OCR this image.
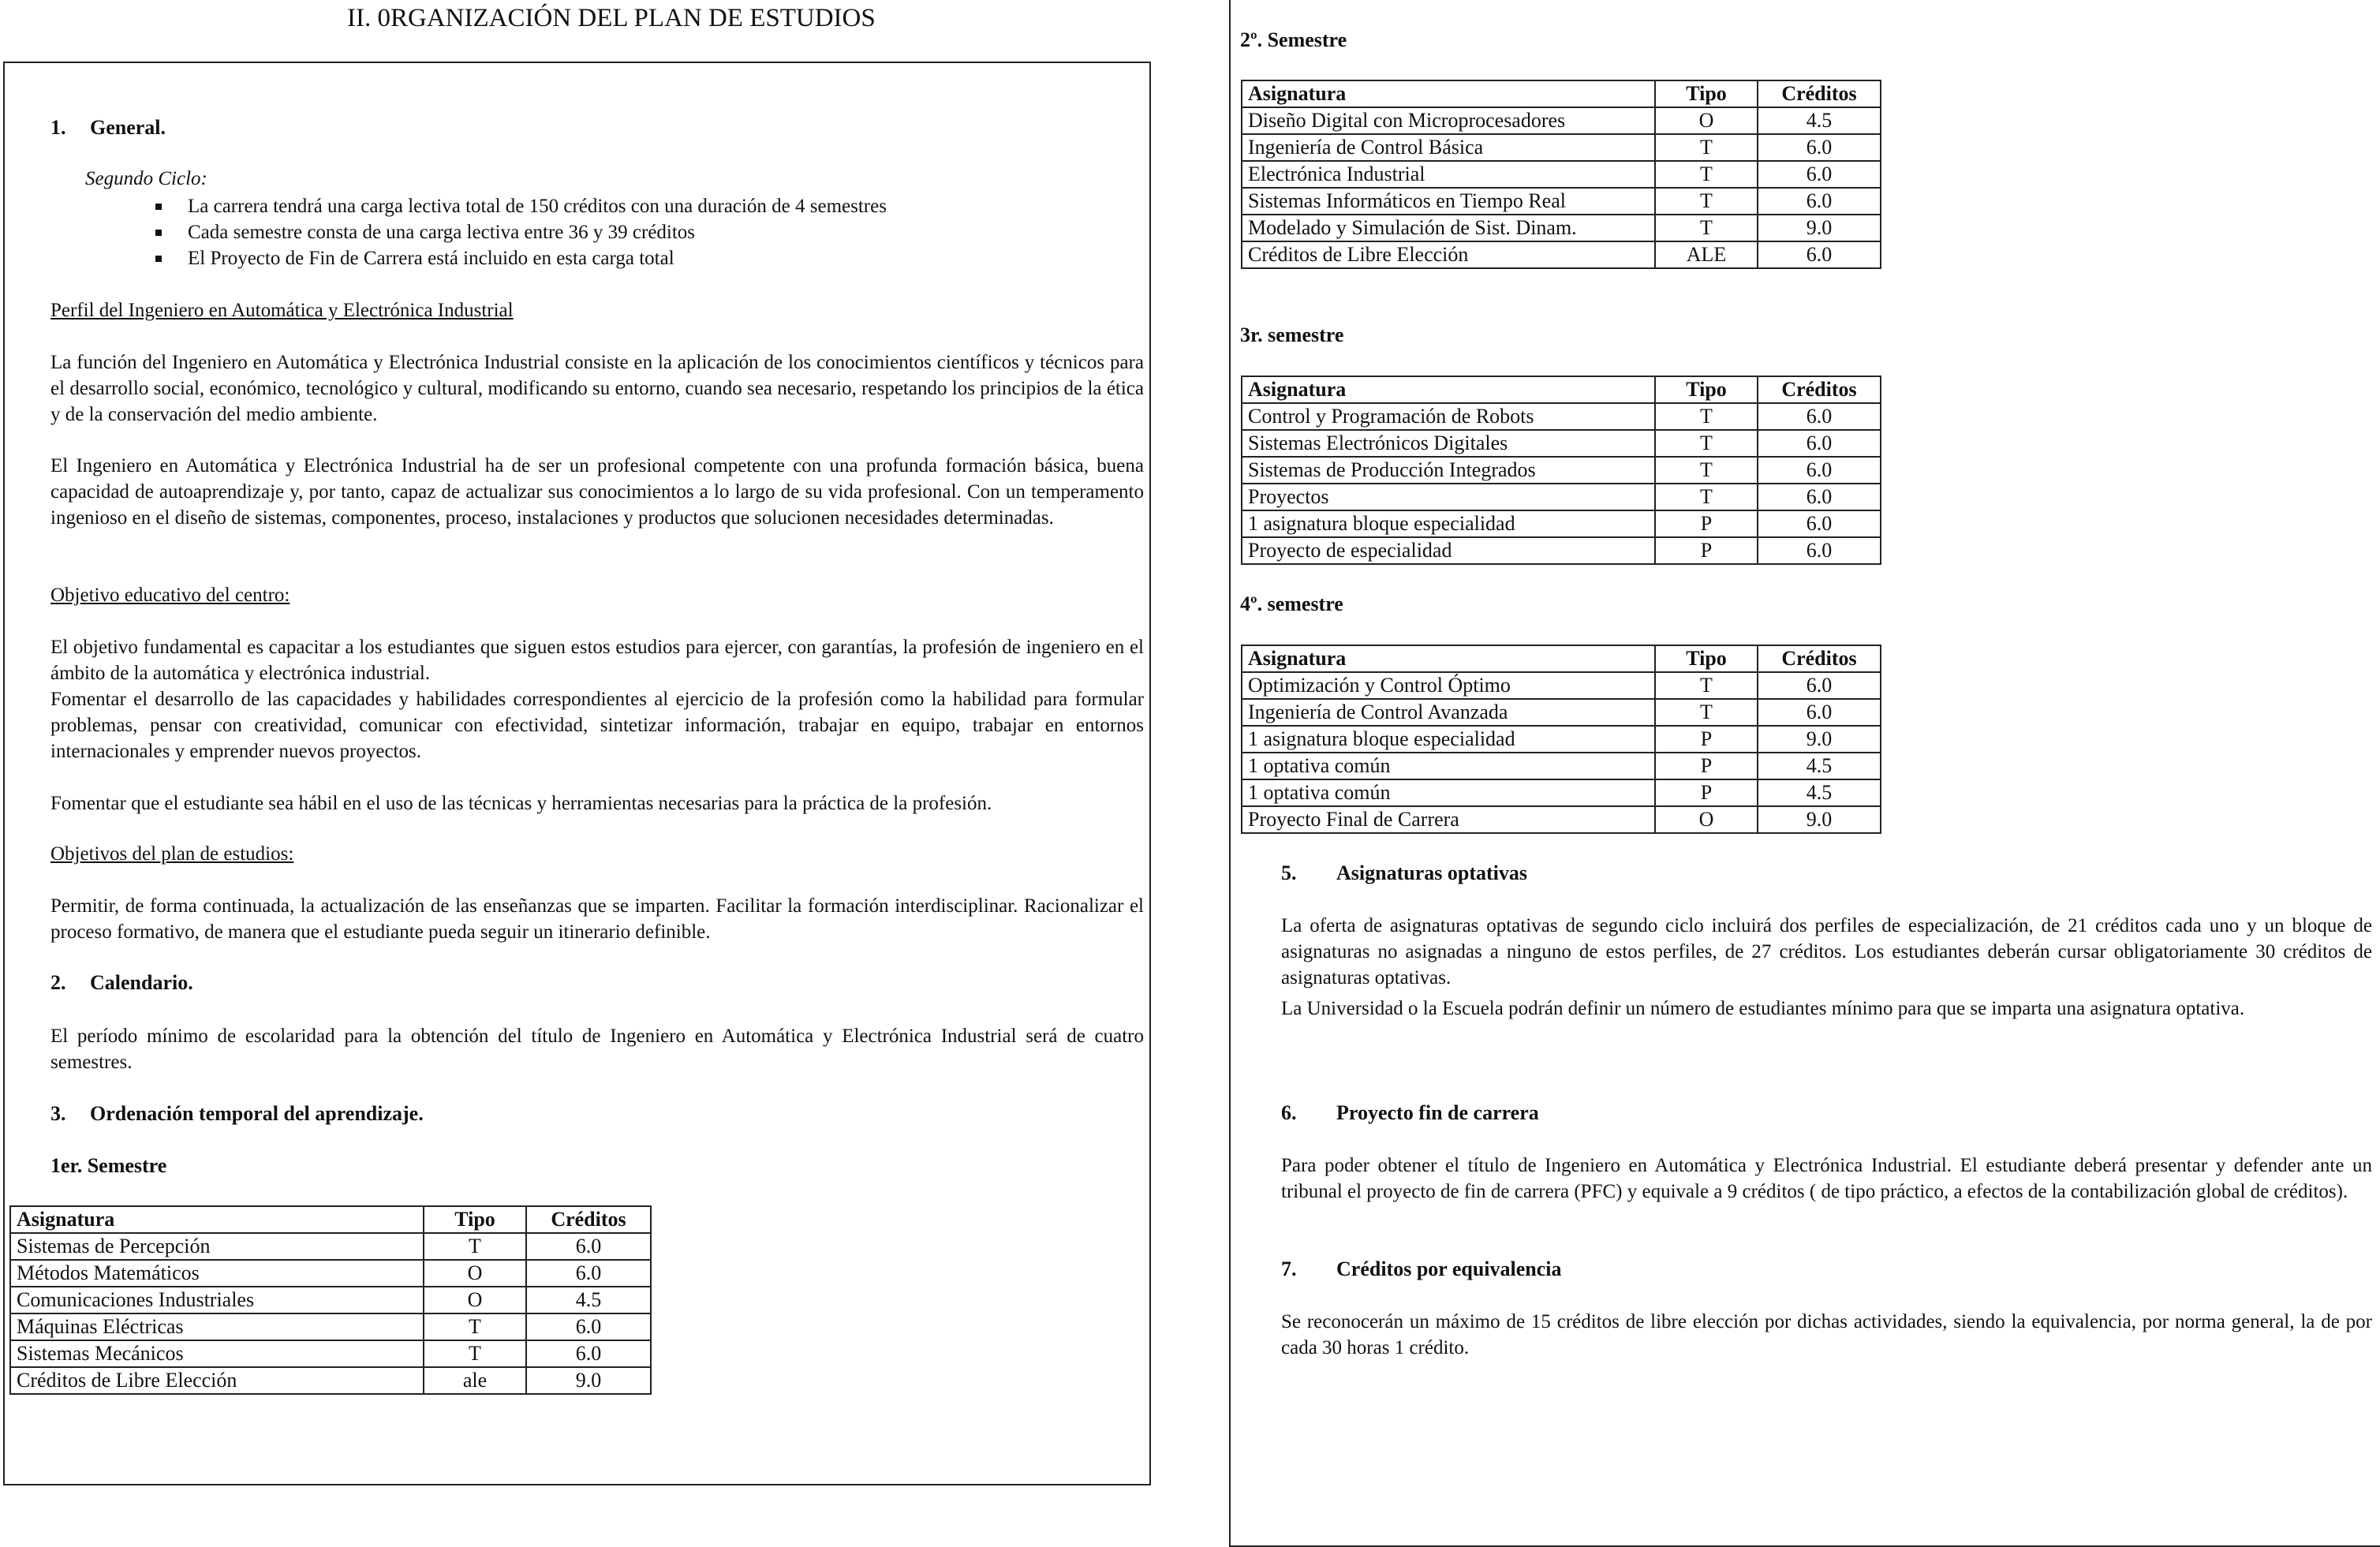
II. 0RGANIZACIÓN DEL PLAN DE ESTUDIOS
1. General.
Segundo Ciclo:
La carrera tendrá una carga lectiva total de 150 créditos con una duración de 4 semestres
Cada semestre consta de una carga lectiva entre 36 y 39 créditos
El Proyecto de Fin de Carrera está incluido en esta carga total
Perfil del Ingeniero en Automática y Electrónica Industrial

La función del Ingeniero en Automática y Electrónica Industrial consiste en la aplicación de los conocimientos científicos y técnicos para el desarrollo social, económico, tecnológico y cultural, modificando su entorno, cuando sea necesario, respetando los principios de la ética y de la conservación del medio ambiente.

El Ingeniero en Automática y Electrónica Industrial ha de ser un profesional competente con una profunda formación básica, buena capacidad de autoaprendizaje y, por tanto, capaz de actualizar sus conocimientos a lo largo de su vida profesional. Con un temperamento ingenioso en el diseño de sistemas, componentes, proceso, instalaciones y productos que solucionen necesidades determinadas.

Objetivo educativo del centro:

El objetivo fundamental es capacitar a los estudiantes que siguen estos estudios para ejercer, con garantías, la profesión de ingeniero en el ámbito de la automática y electrónica industrial.

Fomentar el desarrollo de las capacidades y habilidades correspondientes al ejercicio de la profesión como la habilidad para formular problemas, pensar con creatividad, comunicar con efectividad, sintetizar información, trabajar en equipo, trabajar en entornos internacionales y emprender nuevos proyectos.

Fomentar que el estudiante sea hábil en el uso de las técnicas y herramientas necesarias para la práctica de la profesión.

Objetivos del plan de estudios:

Permitir, de forma continuada, la actualización de las enseñanzas que se imparten. Facilitar la formación interdisciplinar. Racionalizar el proceso formativo, de manera que el estudiante pueda seguir un itinerario definible.

2. Calendario.

El período mínimo de escolaridad para la obtención del título de Ingeniero en Automática y Electrónica Industrial será de cuatro semestres.

3. Ordenación temporal del aprendizaje.
1er. Semestre
Asignatura	Tipo	Créditos
Sistemas de Percepción	T	6.0
Métodos Matemáticos	O	6.0
Comunicaciones Industriales	O	4.5
Máquinas Eléctricas	T	6.0
Sistemas Mecánicos	T	6.0
Créditos de Libre Elección	ale	9.0
2º. Semestre
Asignatura	Tipo	Créditos
Diseño Digital con Microprocesadores	O	4.5
Ingeniería de Control Básica	T	6.0
Electrónica Industrial	T	6.0
Sistemas Informáticos en Tiempo Real	T	6.0
Modelado y Simulación de Sist. Dinam.	T	9.0
Créditos de Libre Elección	ALE	6.0
3r. semestre
Asignatura	Tipo	Créditos
Control y Programación de Robots	T	6.0
Sistemas Electrónicos Digitales	T	6.0
Sistemas de Producción Integrados	T	6.0
Proyectos	T	6.0
1 asignatura bloque especialidad	P	6.0
Proyecto de especialidad	P	6.0
4º. semestre
Asignatura	Tipo	Créditos
Optimización y Control Óptimo	T	6.0
Ingeniería de Control Avanzada	T	6.0
1 asignatura bloque especialidad	P	9.0
1 optativa común	P	4.5
1 optativa común	P	4.5
Proyecto Final de Carrera	O	9.0
5. Asignaturas optativas

La oferta de asignaturas optativas de segundo ciclo incluirá dos perfiles de especialización, de 21 créditos cada uno y un bloque de asignaturas no asignadas a ninguno de estos perfiles, de 27 créditos. Los estudiantes deberán cursar obligatoriamente 30 créditos de asignaturas optativas.

La Universidad o la Escuela podrán definir un número de estudiantes mínimo para que se imparta una asignatura optativa.

6. Proyecto fin de carrera

Para poder obtener el título de Ingeniero en Automática y Electrónica Industrial. El estudiante deberá presentar y defender ante un tribunal el proyecto de fin de carrera (PFC) y equivale a 9 créditos ( de tipo práctico, a efectos de la contabilización global de créditos).

7. Créditos por equivalencia

Se reconocerán un máximo de 15 créditos de libre elección por dichas actividades, siendo la equivalencia, por norma general, la de por cada 30 horas 1 crédito.
